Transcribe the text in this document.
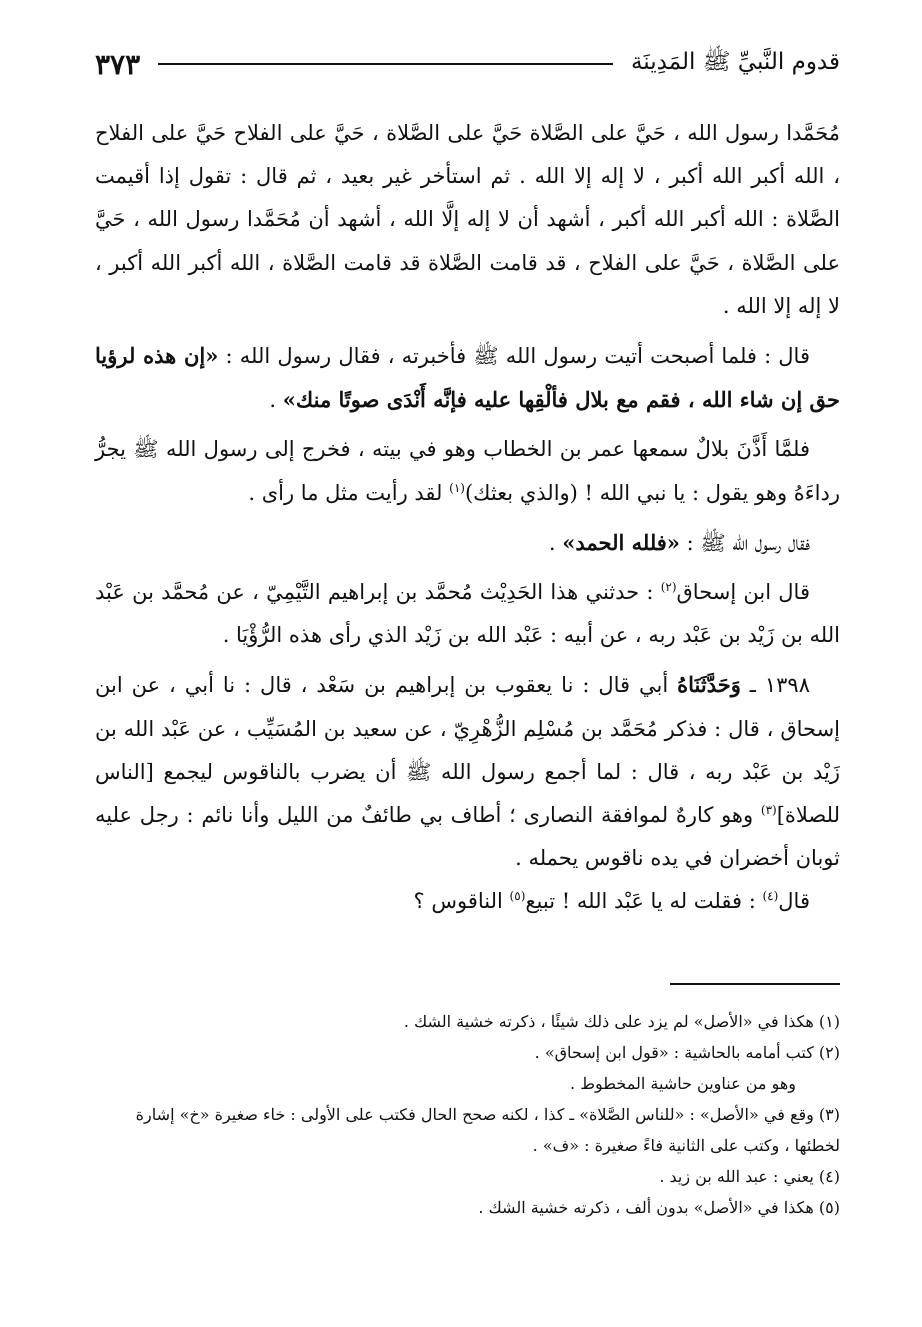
قدوم النَّبيِّ ﷺ المَدِينَة
٣٧٣

مُحَمَّدا رسول الله ، حَيَّ على الصَّلاة حَيَّ على الصَّلاة ، حَيَّ على الفلاح حَيَّ على الفلاح ، الله أكبر الله أكبر ، لا إله إلا الله . ثم استأخر غير بعيد ، ثم قال : تقول إذا أقيمت الصَّلاة : الله أكبر الله أكبر ، أشهد أن لا إله إلَّا الله ، أشهد أن مُحَمَّدا رسول الله ، حَيَّ على الصَّلاة ، حَيَّ على الفلاح ، قد قامت الصَّلاة قد قامت الصَّلاة ، الله أكبر الله أكبر ، لا إله إلا الله .

قال : فلما أصبحت أتيت رسول الله ﷺ فأخبرته ، فقال رسول الله : «إن هذه لرؤيا حق إن شاء الله ، فقم مع بلال فألْقِها عليه فإنَّه أَنْدَى صوتًا منك» .

فلمَّا أَذَّنَ بلالٌ سمعها عمر بن الخطاب وهو في بيته ، فخرج إلى رسول الله ﷺ يجرُّ رداءَهُ وهو يقول : يا نبي الله ! (والذي بعثك)$^{(١)}$ لقد رأيت مثل ما رأى .

فقال رسول الله ﷺ : «فلله الحمد» .

قال ابن إسحاق$^{(٢)}$ : حدثني هذا الحَدِيْث مُحمَّد بن إبراهيم التَّيْمِيّ ، عن مُحمَّد بن عَبْد الله بن زَيْد بن عَبْد ربه ، عن أبيه : عَبْد الله بن زَيْد الذي رأى هذه الرُّؤْيَا .

١٣٩٨ ـ وَحَدَّثَنَاهُ أبي قال : نا يعقوب بن إبراهيم بن سَعْد ، قال : نا أبي ، عن ابن إسحاق ، قال : فذكر مُحَمَّد بن مُسْلِم الزُّهْرِيّ ، عن سعيد بن المُسَيِّب ، عن عَبْد الله بن زَيْد بن عَبْد ربه ، قال : لما أجمع رسول الله ﷺ أن يضرب بالناقوس ليجمع [الناس للصلاة]$^{(٣)}$ وهو كارهٌ لموافقة النصارى ؛ أطاف بي طائفٌ من الليل وأنا نائم : رجل عليه ثوبان أخضران في يده ناقوس يحمله .

قال$^{(٤)}$ : فقلت له يا عَبْد الله ! تبيع$^{(٥)}$ الناقوس ؟

(١) هكذا في «الأصل» لم يزد على ذلك شيئًا ، ذكرته خشية الشك .

(٢) كتب أمامه بالحاشية : «قول ابن إسحاق» .

وهو من عناوين حاشية المخطوط .

(٣) وقع في «الأصل» : «للناس الصَّلاة» ـ كذا ، لكنه صحح الحال فكتب على الأولى : خاء صغيرة «خ» إشارة لخطئها ، وكتب على الثانية فاءً صغيرة : «ف» .

(٤) يعني : عبد الله بن زيد .

(٥) هكذا في «الأصل» بدون ألف ، ذكرته خشية الشك .
